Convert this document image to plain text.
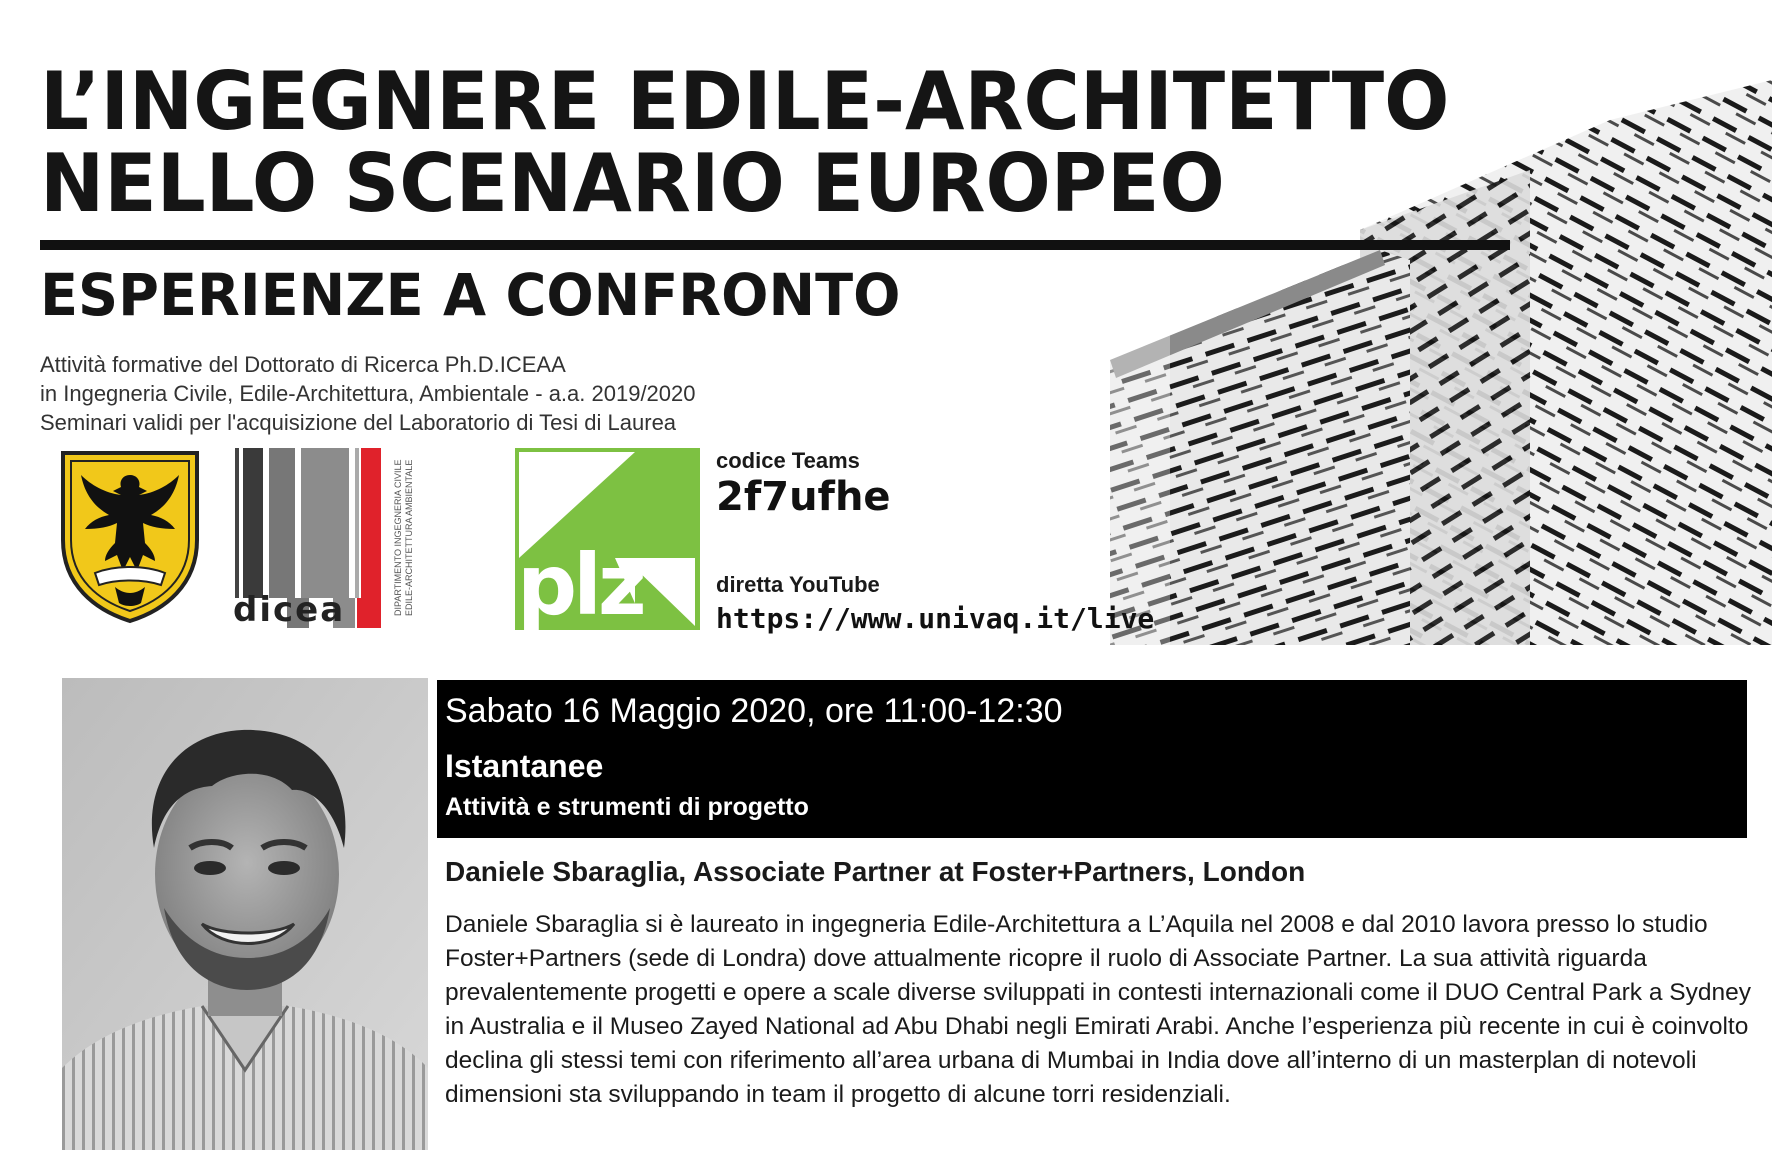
L’INGEGNERE EDILE-ARCHITETTO
NELLO SCENARIO EUROPEO
ESPERIENZE A CONFRONTO
Attività formative del Dottorato di Ricerca Ph.D.ICEAA
in Ingegneria Civile, Edile-Architettura, Ambientale - a.a. 2019/2020
Seminari validi per l'acquisizione del Laboratorio di Tesi di Laurea
dicea	DIPARTIMENTO INGEGNERIA CIVILE EDILE-ARCHITETTURA AMBIENTALE plz
codice Teams
2f7ufhe
diretta YouTube
https://www.univaq.it/live
Sabato 16 Maggio 2020, ore 11:00-12:30
Istantanee
Attività e strumenti di progetto
Daniele Sbaraglia, Associate Partner at Foster+Partners, London
Daniele Sbaraglia si è laureato in ingegneria Edile-Architettura a L’Aquila nel 2008 e dal 2010 lavora presso lo studio Foster+Partners (sede di Londra) dove attualmente ricopre il ruolo di Associate Partner. La sua attività riguarda prevalentemente progetti e opere a scale diverse sviluppati in contesti internazionali come il DUO Central Park a Sydney in Australia e il Museo Zayed National ad Abu Dhabi negli Emirati Arabi. Anche l’esperienza più recente in cui è coinvolto declina gli stessi temi con riferimento all’area urbana di Mumbai in India dove all’interno di un masterplan di notevoli dimensioni sta sviluppando in team il progetto di alcune torri residenziali.
